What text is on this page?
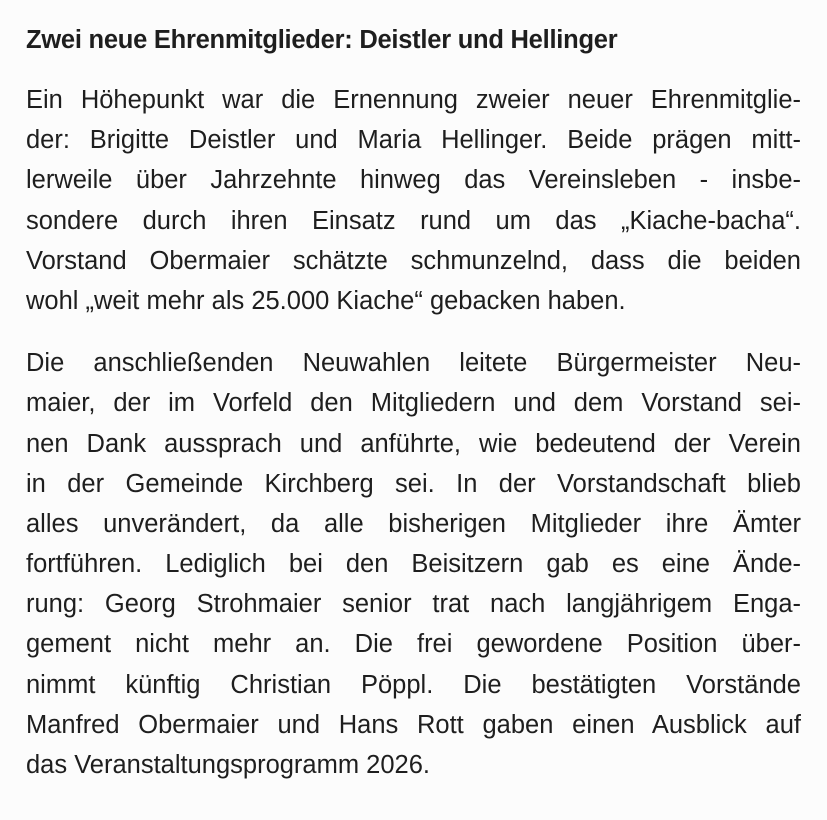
Zwei neue Ehrenmitglieder: Deistler und Hellinger

Ein Höhepunkt war die Ernennung zweier neuer Ehrenmitglie-
der: Brigitte Deistler und Maria Hellinger. Beide prägen mitt-
lerweile über Jahrzehnte hinweg das Vereinsleben - insbe-
sondere durch ihren Einsatz rund um das „Kiache-bacha“.
Vorstand Obermaier schätzte schmunzelnd, dass die beiden
wohl „weit mehr als 25.000 Kiache“ gebacken haben.

Die anschließenden Neuwahlen leitete Bürgermeister Neu-
maier, der im Vorfeld den Mitgliedern und dem Vorstand sei-
nen Dank aussprach und anführte, wie bedeutend der Verein
in der Gemeinde Kirchberg sei. In der Vorstandschaft blieb
alles unverändert, da alle bisherigen Mitglieder ihre Ämter
fortführen. Lediglich bei den Beisitzern gab es eine Ände-
rung: Georg Strohmaier senior trat nach langjährigem Enga-
gement nicht mehr an. Die frei gewordene Position über-
nimmt künftig Christian Pöppl. Die bestätigten Vorstände
Manfred Obermaier und Hans Rott gaben einen Ausblick auf
das Veranstaltungsprogramm 2026.
